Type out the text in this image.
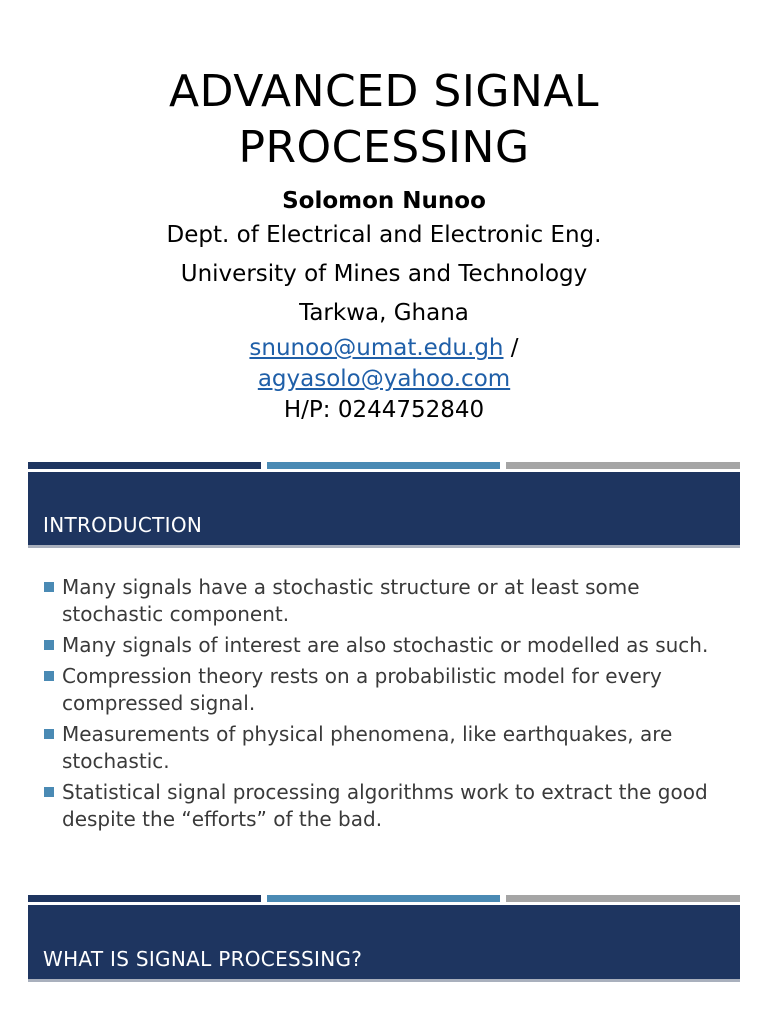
ADVANCED SIGNAL
PROCESSING
Solomon Nunoo
Dept. of Electrical and Electronic Eng.
University of Mines and Technology
Tarkwa, Ghana
snunoo@umat.edu.gh /
agyasolo@yahoo.com
H/P: 0244752840
INTRODUCTION
Many signals have a stochastic structure or at least some stochastic component.
Many signals of interest are also stochastic or modelled as such.
Compression theory rests on a probabilistic model for every compressed signal.
Measurements of physical phenomena, like earthquakes, are stochastic.
Statistical signal processing algorithms work to extract the good despite the “efforts” of the bad.
WHAT IS SIGNAL PROCESSING?
